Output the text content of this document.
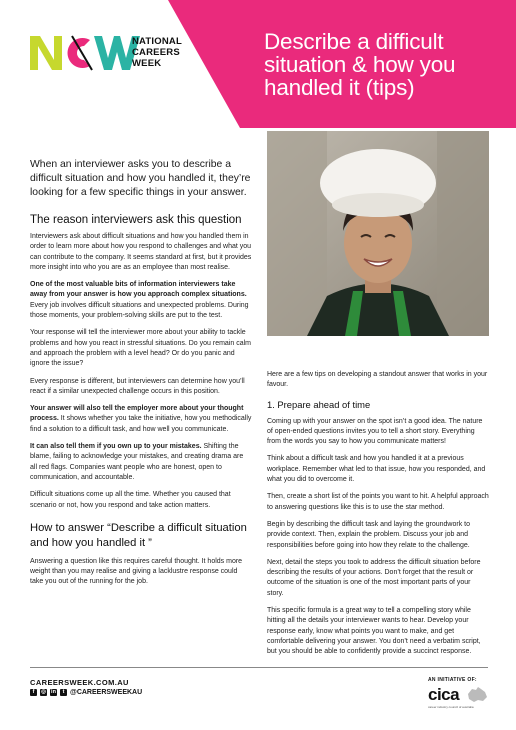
NATIONAL
CAREERS
WEEK
Describe a difficult situation & how you handled it (tips)

When an interviewer asks you to describe a difficult situation and how you handled it, they’re looking for a few specific things in your answer.

The reason interviewers ask this question

Interviewers ask about difficult situations and how you handled them in order to learn more about how you respond to challenges and what you can contribute to the company. It seems standard at first, but it provides more insight into who you are as an employee than most realise.

One of the most valuable bits of information interviewers take away from your answer is how you approach complex situations. Every job involves difficult situations and unexpected problems. During those moments, your problem-solving skills are put to the test.

Your response will tell the interviewer more about your ability to tackle problems and how you react in stressful situations. Do you remain calm and approach the problem with a level head? Or do you panic and ignore the issue?

Every response is different, but interviewers can determine how you’ll react if a similar unexpected challenge occurs in this position.

Your answer will also tell the employer more about your thought process. It shows whether you take the initiative, how you methodically find a solution to a difficult task, and how well you communicate.

It can also tell them if you own up to your mistakes. Shifting the blame, failing to acknowledge your mistakes, and creating drama are all red flags. Companies want people who are honest, open to communication, and accountable.

Difficult situations come up all the time. Whether you caused that scenario or not, how you respond and take action matters.

How to answer “Describe a difficult situation and how you handled it ”

Answering a question like this requires careful thought. It holds more weight than you may realise and giving a lacklustre response could take you out of the running for the job.

Here are a few tips on developing a standout answer that works in your favour.

1. Prepare ahead of time

Coming up with your answer on the spot isn’t a good idea. The nature of open-ended questions invites you to tell a short story. Everything from the words you say to how you communicate matters!

Think about a difficult task and how you handled it at a previous workplace. Remember what led to that issue, how you responded, and what you did to overcome it.

Then, create a short list of the points you want to hit. A helpful approach to answering questions like this is to use the star method.

Begin by describing the difficult task and laying the groundwork to provide context. Then, explain the problem. Discuss your job and responsibilities before going into how they relate to the challenge.

Next, detail the steps you took to address the difficult situation before describing the results of your actions. Don’t forget that the result or outcome of the situation is one of the most important parts of your story.

This specific formula is a great way to tell a compelling story while hitting all the details your interviewer wants to hear. Develop your response early, know what points you want to make, and get comfortable delivering your answer. You don’t need a verbatim script, but you should be able to confidently provide a succinct response.

CAREERSWEEK.COM.AU
f	◎ in	t @CAREERSWEEKAU
AN INITIATIVE OF:
cica
career industry council of australia
